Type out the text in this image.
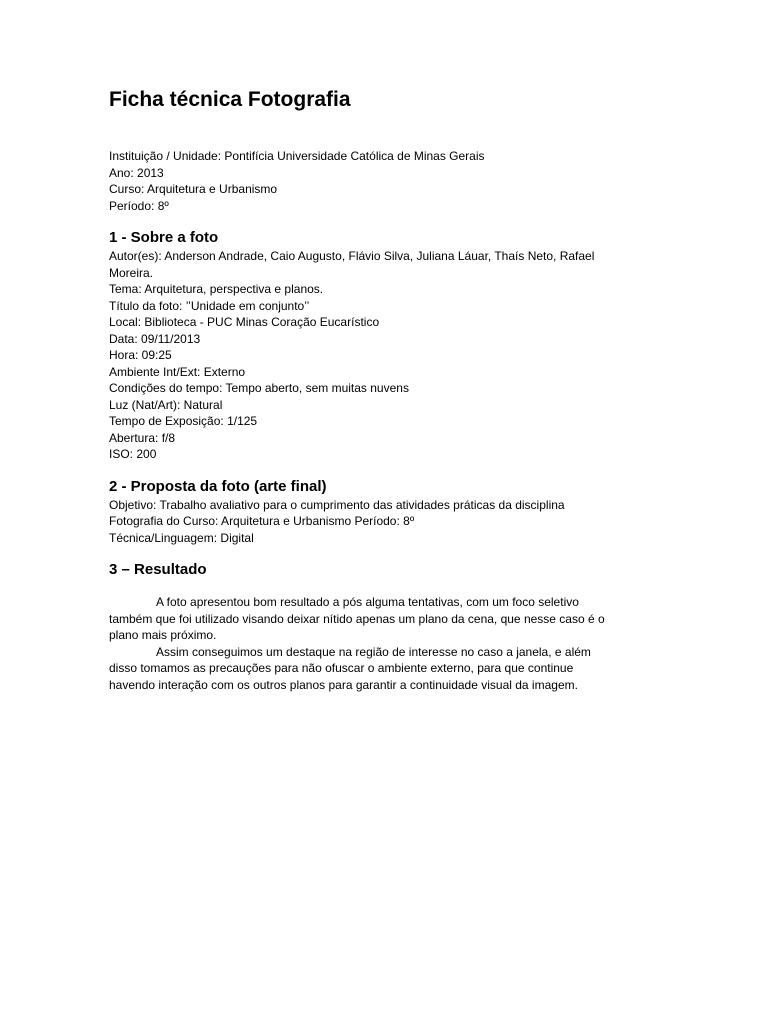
Ficha técnica Fotografia

Instituição / Unidade: Pontifícia Universidade Católica de Minas Gerais

Ano: 2013

Curso: Arquitetura e Urbanismo

Período: 8º

1 - Sobre a foto

Autor(es): Anderson Andrade, Caio Augusto, Flávio Silva, Juliana Láuar, Thaís Neto, Rafael

Moreira.

Tema: Arquitetura, perspectiva e planos.

Título da foto: ’’Unidade em conjunto’’

Local: Biblioteca - PUC Minas Coração Eucarístico

Data: 09/11/2013

Hora: 09:25

Ambiente Int/Ext: Externo

Condições do tempo: Tempo aberto, sem muitas nuvens

Luz (Nat/Art): Natural

Tempo de Exposição: 1/125

Abertura: f/8

ISO: 200

2 - Proposta da foto (arte final)

Objetivo: Trabalho avaliativo para o cumprimento das atividades práticas da disciplina

Fotografia do Curso: Arquitetura e Urbanismo Período: 8º

Técnica/Linguagem: Digital

3 – Resultado

A foto apresentou bom resultado a pós alguma tentativas, com um foco seletivo também que foi utilizado visando deixar nítido apenas um plano da cena, que nesse caso é o plano mais próximo.

Assim conseguimos um destaque na região de interesse no caso a janela, e além disso tomamos as precauções para não ofuscar o ambiente externo, para que continue havendo interação com os outros planos para garantir a continuidade visual da imagem.
